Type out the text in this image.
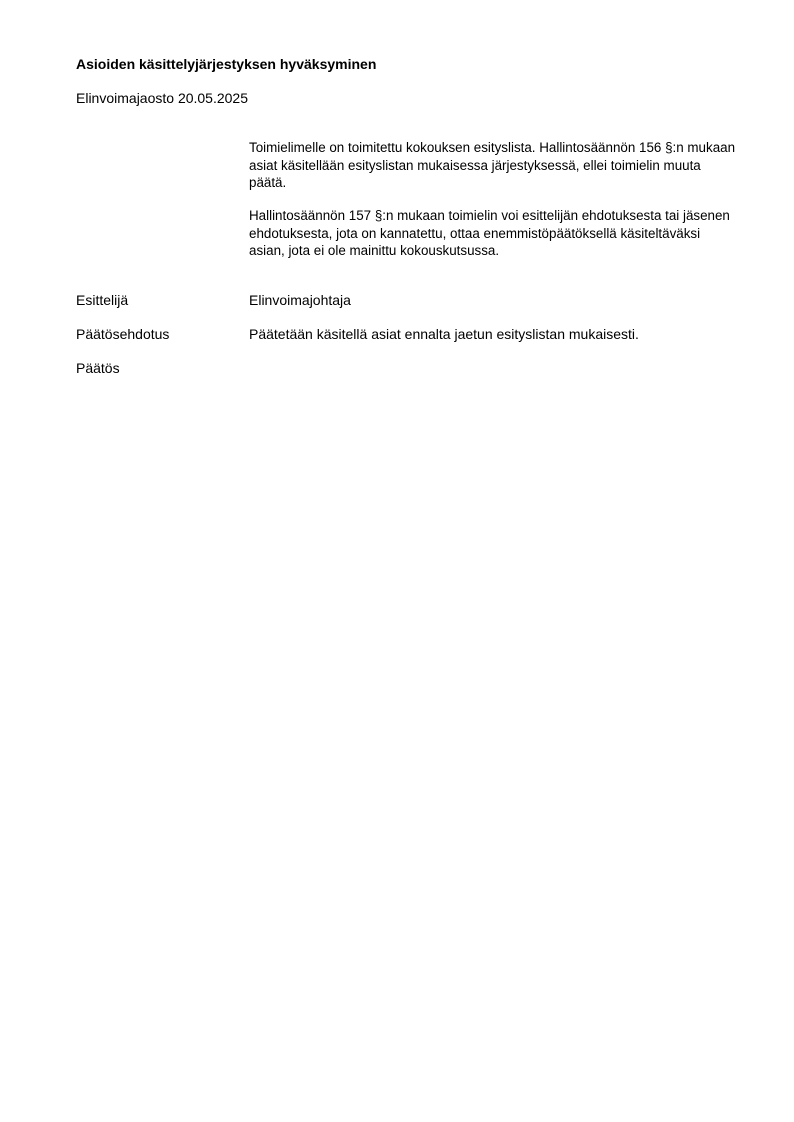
Asioiden käsittelyjärjestyksen hyväksyminen
Elinvoimajaosto 20.05.2025
Toimielimelle on toimitettu kokouksen esityslista. Hallintosäännön 156 §:n mukaan asiat käsitellään esityslistan mukaisessa järjestyksessä, ellei toimielin muuta päätä.
Hallintosäännön 157 §:n mukaan toimielin voi esittelijän ehdotuksesta tai jäsenen ehdotuksesta, jota on kannatettu, ottaa enemmistöpäätöksellä käsiteltäväksi asian, jota ei ole mainittu kokouskutsussa.
Esittelijä	Elinvoimajohtaja
Päätösehdotus	Päätetään käsitellä asiat ennalta jaetun esityslistan mukaisesti.
Päätös
